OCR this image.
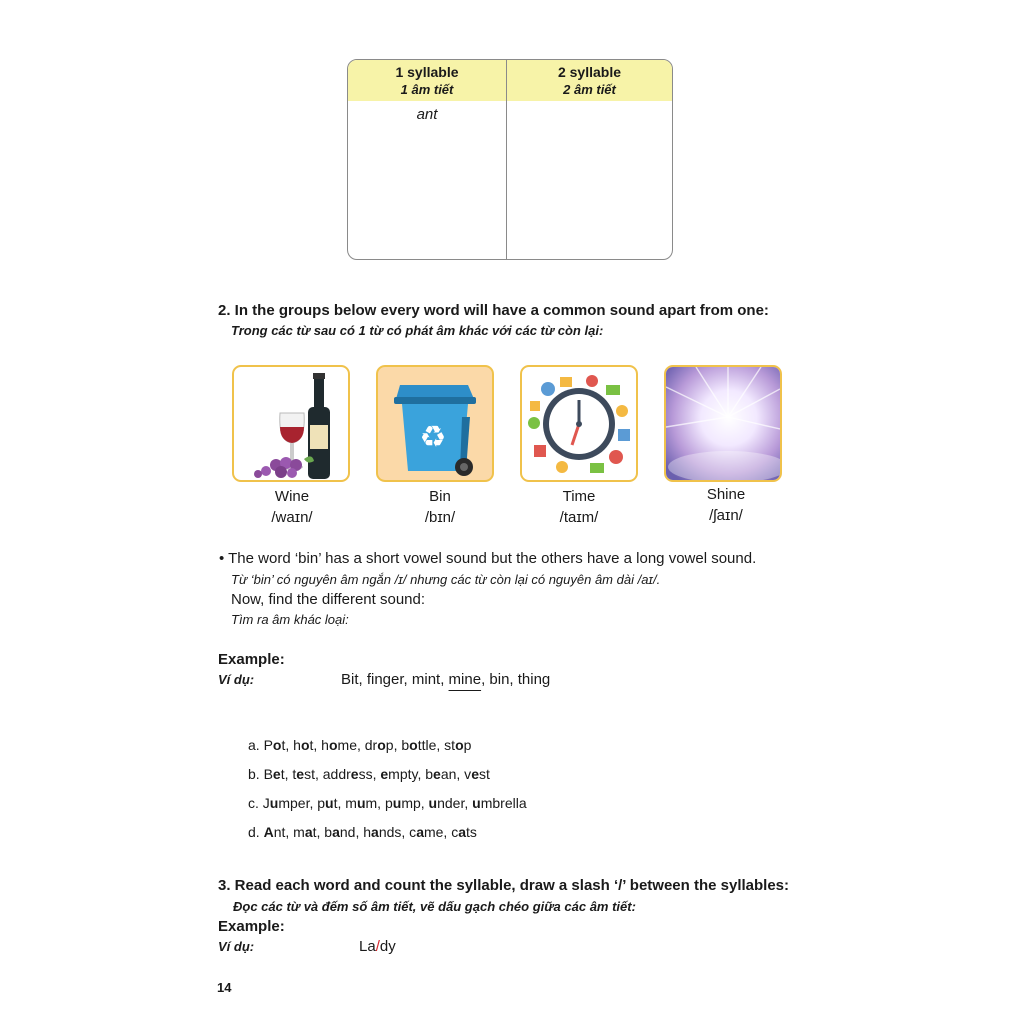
1 syllable
1 âm tiết
2 syllable
2 âm tiết
ant
2. In the groups below every word will have a common sound apart from one:
Trong các từ sau có 1 từ có phát âm khác với các từ còn lại:
♻
Wine
/waɪn/
Bin
/bɪn/
Time
/taɪm/
Shine
/ʃaɪn/
• The word ‘bin’ has a short vowel sound but the others have a long vowel sound.
Từ ‘bin’ có nguyên âm ngắn /ɪ/ nhưng các từ còn lại có nguyên âm dài /aɪ/.
Now, find the different sound:
Tìm ra âm khác loại:
Example:
Ví dụ:	Bit, finger, mint, mine, bin, thing
a. Pot, hot, home, drop, bottle, stop
b. Bet, test, address, empty, bean, vest
c. Jumper, put, mum, pump, under, umbrella
d. Ant, mat, band, hands, came, cats
3. Read each word and count the syllable, draw a slash ‘/’ between the syllables:
Đọc các từ và đếm số âm tiết, vẽ dấu gạch chéo giữa các âm tiết:
Example:
Ví dụ:	La/dy
14
